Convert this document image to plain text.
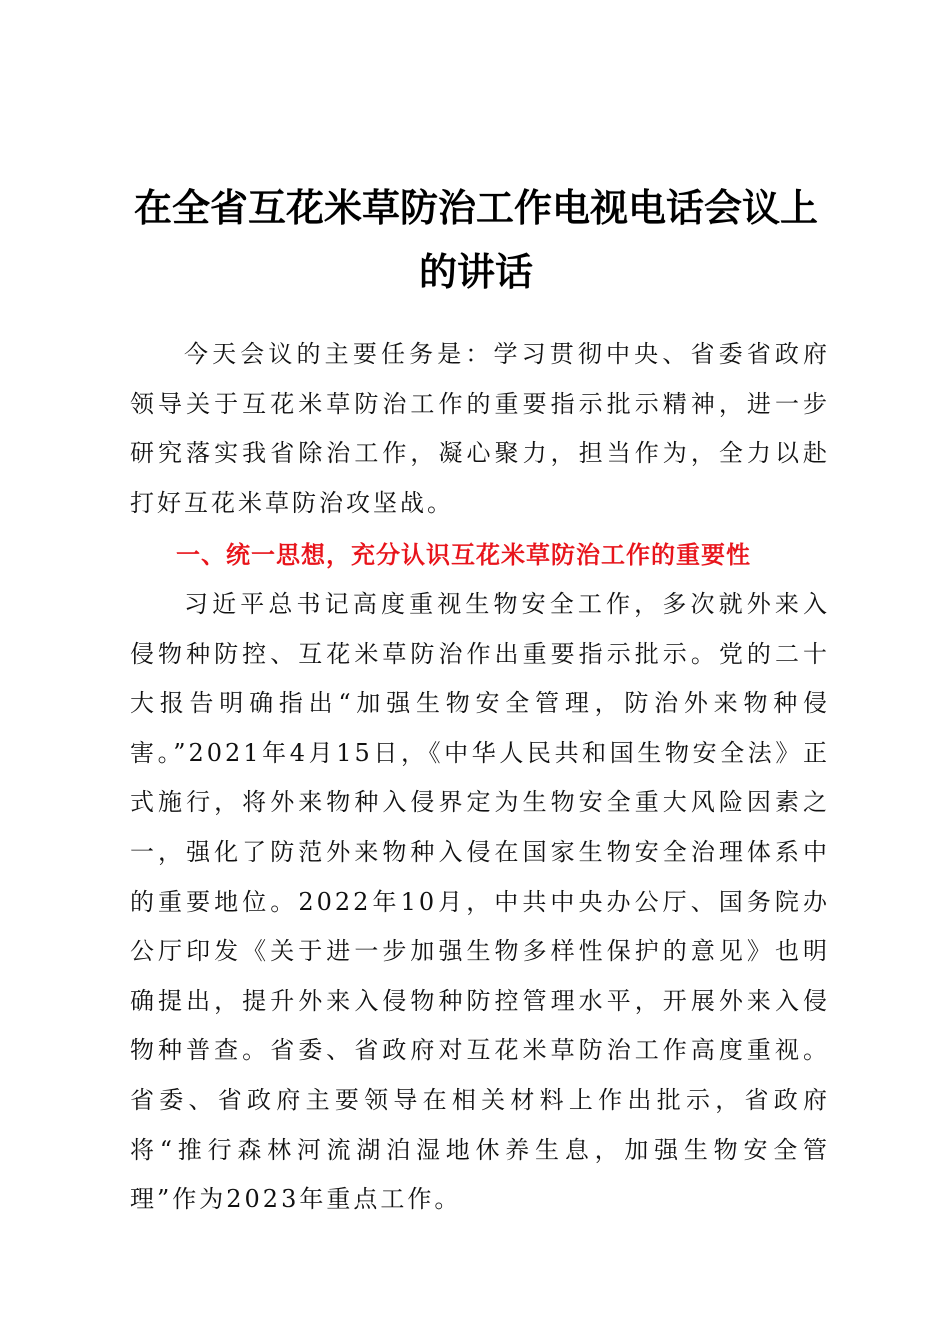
在全省互花米草防治工作电视电话会议上的讲话

今天会议的主要任务是：学习贯彻中央、省委省政府领导关于互花米草防治工作的重要指示批示精神，进一步研究落实我省除治工作，凝心聚力，担当作为，全力以赴打好互花米草防治攻坚战。

一、统一思想，充分认识互花米草防治工作的重要性

习近平总书记高度重视生物安全工作，多次就外来入侵物种防控、互花米草防治作出重要指示批示。党的二十大报告明确指出“加强生物安全管理，防治外来物种侵害。”2021年4月15日，《中华人民共和国生物安全法》正式施行，将外来物种入侵界定为生物安全重大风险因素之一，强化了防范外来物种入侵在国家生物安全治理体系中的重要地位。2022年10月，中共中央办公厅、国务院办公厅印发《关于进一步加强生物多样性保护的意见》也明确提出，提升外来入侵物种防控管理水平，开展外来入侵物种普查。省委、省政府对互花米草防治工作高度重视。省委、省政府主要领导在相关材料上作出批示，省政府将“推行森林河流湖泊湿地休养生息，加强生物安全管理”作为2023年重点工作。
